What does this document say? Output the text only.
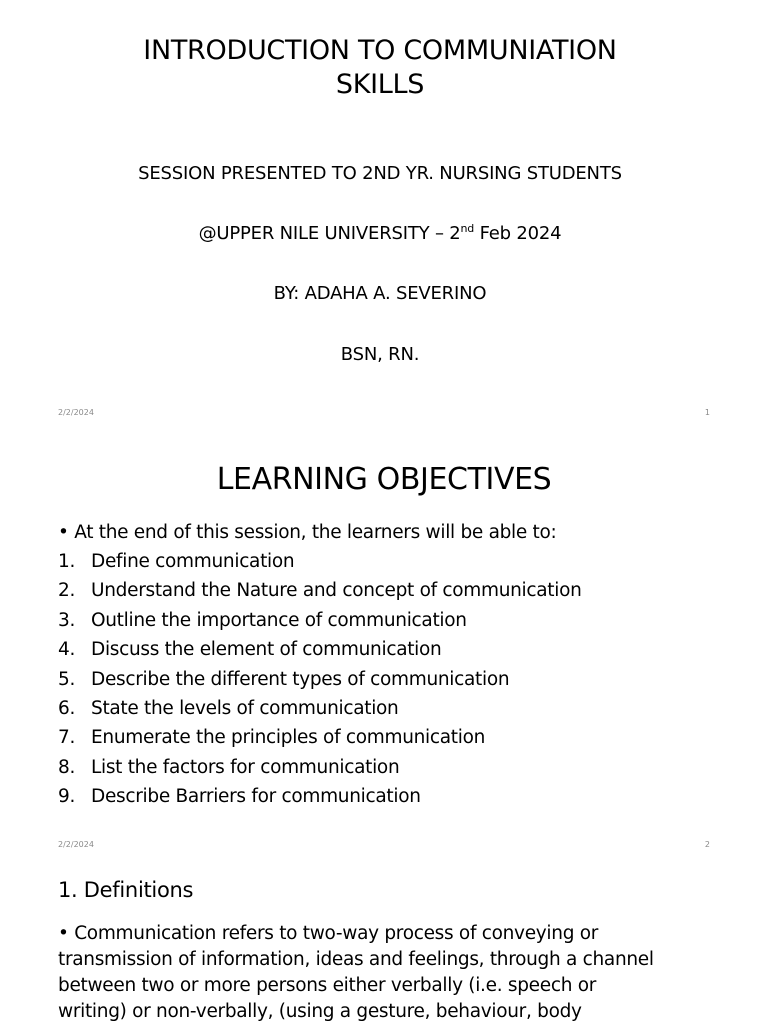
INTRODUCTION TO COMMUNIATION
SKILLS
SESSION PRESENTED TO 2ND YR. NURSING STUDENTS
@UPPER NILE UNIVERSITY – 2nd Feb 2024
BY: ADAHA A. SEVERINO
BSN, RN.
2/2/2024	1
LEARNING OBJECTIVES
• At the end of this session, the learners will be able to:
1. Define communication
2. Understand the Nature and concept of communication
3. Outline the importance of communication
4. Discuss the element of communication
5. Describe the different types of communication
6. State the levels of communication
7. Enumerate the principles of communication
8. List the factors for communication
9. Describe Barriers for communication
2/2/2024	2
1. Definitions
• Communication refers to two-way process of conveying or
transmission of information, ideas and feelings, through a channel
between two or more persons either verbally (i.e. speech or
writing) or non-verbally, (using a gesture, behaviour, body
